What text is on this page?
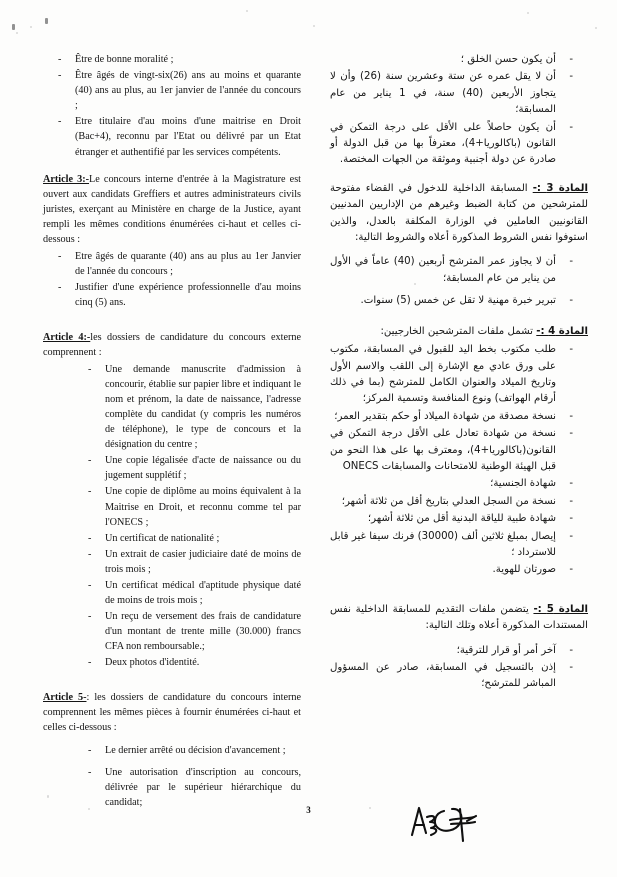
- Être de bonne moralité ;
- Être âgés de vingt-six(26) ans au moins et quarante (40) ans au plus, au 1er janvier de l'année du concours ;
- Etre titulaire d'au moins d'une maitrise en Droit (Bac+4), reconnu par l'Etat ou délivré par un Etat étranger et authentifié par les services compétents.

Article 3:-Le concours interne d'entrée à la Magistrature est ouvert aux candidats Greffiers et autres administrateurs civils juristes, exerçant au Ministère en charge de la Justice, ayant rempli les mêmes conditions énumérées ci-haut et celles ci-dessous :

- Etre âgés de quarante (40) ans au plus au 1er Janvier de l'année du concours ;
- Justifier d'une expérience professionnelle d'au moins cinq (5) ans.

Article 4:-les dossiers de candidature du concours externe comprennent :

- Une demande manuscrite d'admission à concourir, établie sur papier libre et indiquant le nom et prénom, la date de naissance, l'adresse complète du candidat (y compris les numéros de téléphone), le type de concours et la désignation du centre ;
- Une copie légalisée d'acte de naissance ou du jugement supplétif ;
- Une copie de diplôme au moins équivalent à la Maitrise en Droit, et reconnu comme tel par l'ONECS ;
- Un certificat de nationalité ;
- Un extrait de casier judiciaire daté de moins de trois mois ;
- Un certificat médical d'aptitude physique daté de moins de trois mois ;
- Un reçu de versement des frais de candidature d'un montant de trente mille (30.000) francs CFA non remboursable.;
- Deux photos d'identité.

Article 5-: les dossiers de candidature du concours interne comprennent les mêmes pièces à fournir énumérées ci-haut et celles ci-dessous :

- Le dernier arrêté ou décision d'avancement ;
- Une autorisation d'inscription au concours, délivrée par le supérieur hiérarchique du candidat;
- أن يكون حسن الخلق ؛
- أن لا يقل عمره عن ستة وعشرين سنة (26) وأن لا يتجاوز الأربعين (40) سنة، في 1 يناير من عام المسابقة؛
- أن يكون حاصلاً على الأقل على درجة التمكن في القانون (باكالوريا+4)، معترفاً بها من قبل الدولة أو صادرة عن دولة أجنبية وموثقة من الجهات المختصة.

المادة 3 :- المسابقة الداخلية للدخول في القضاء مفتوحة للمترشحين من كتابة الضبط وغيرهم من الإداريين المدنيين القانونيين العاملين في الوزارة المكلفة بالعدل، والذين استوفوا نفس الشروط المذكورة أعلاه والشروط التالية:

- أن لا يجاوز عمر المترشح أربعين (40) عاماً في الأول من يناير من عام المسابقة؛
- تبرير خبرة مهنية لا تقل عن خمس (5) سنوات.

المادة 4 :- تشمل ملفات المترشحين الخارجيين:

- طلب مكتوب بخط اليد للقبول في المسابقة، مكتوب على ورق عادي مع الإشارة إلى اللقب والاسم الأول وتاريخ الميلاد والعنوان الكامل للمترشح (بما في ذلك أرقام الهواتف) ونوع المنافسة وتسمية المركز؛
- نسخة مصدقة من شهادة الميلاد أو حكم بتقدير العمر؛
- نسخة من شهادة تعادل على الأقل درجة التمكن في القانون(باكالوريا+4)، ومعترف بها على هذا النحو من قبل الهيئة الوطنية للامتحانات والمسابقات ONECS
- شهادة الجنسية؛
- نسخة من السجل العدلي بتاريخ أقل من ثلاثة أشهر؛
- شهادة طبية للياقة البدنية أقل من ثلاثة أشهر؛
- إيصال بمبلغ ثلاثين ألف (30000) فرنك سيفا غير قابل للاسترداد ؛
- صورتان للهوية.

المادة 5 :- يتضمن ملفات التقديم للمسابقة الداخلية نفس المستندات المذكورة أعلاه وتلك التالية:

- آخر أمر أو قرار للترقية؛
- إذن بالتسجيل في المسابقة، صادر عن المسؤول المباشر للمترشح؛
3
